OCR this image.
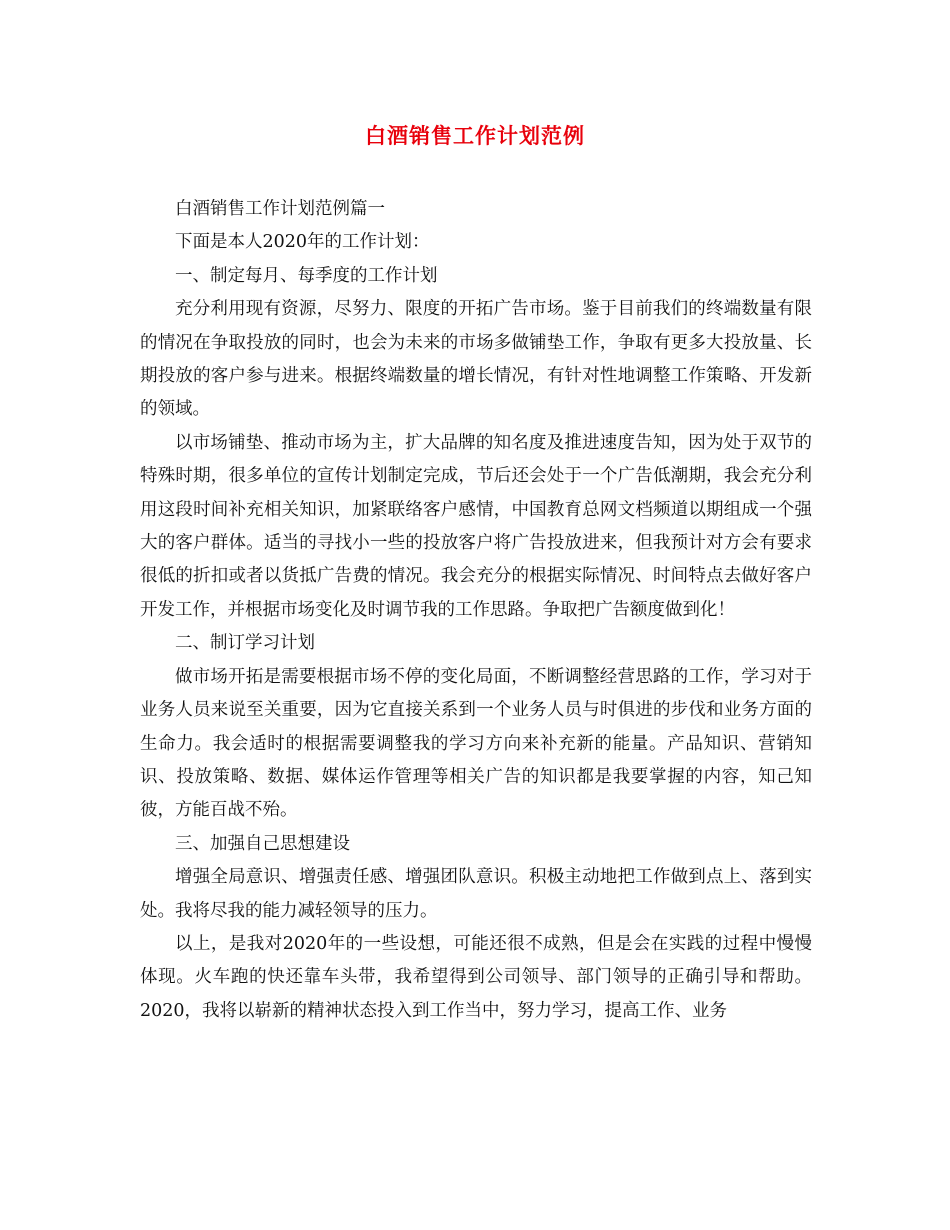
白酒销售工作计划范例

白酒销售工作计划范例篇一

下面是本人2020年的工作计划：

一、制定每月、每季度的工作计划

充分利用现有资源，尽努力、限度的开拓广告市场。鉴于目前我们的终端数量有限的情况在争取投放的同时，也会为未来的市场多做铺垫工作，争取有更多大投放量、长期投放的客户参与进来。根据终端数量的增长情况，有针对性地调整工作策略、开发新的领域。

以市场铺垫、推动市场为主，扩大品牌的知名度及推进速度告知，因为处于双节的特殊时期，很多单位的宣传计划制定完成，节后还会处于一个广告低潮期，我会充分利用这段时间补充相关知识，加紧联络客户感情，中国教育总网文档频道以期组成一个强大的客户群体。适当的寻找小一些的投放客户将广告投放进来，但我预计对方会有要求很低的折扣或者以货抵广告费的情况。我会充分的根据实际情况、时间特点去做好客户开发工作，并根据市场变化及时调节我的工作思路。争取把广告额度做到化！

二、制订学习计划

做市场开拓是需要根据市场不停的变化局面，不断调整经营思路的工作，学习对于业务人员来说至关重要，因为它直接关系到一个业务人员与时俱进的步伐和业务方面的生命力。我会适时的根据需要调整我的学习方向来补充新的能量。产品知识、营销知识、投放策略、数据、媒体运作管理等相关广告的知识都是我要掌握的内容，知己知彼，方能百战不殆。

三、加强自己思想建设

增强全局意识、增强责任感、增强团队意识。积极主动地把工作做到点上、落到实处。我将尽我的能力减轻领导的压力。

以上，是我对2020年的一些设想，可能还很不成熟，但是会在实践的过程中慢慢体现。火车跑的快还靠车头带，我希望得到公司领导、部门领导的正确引导和帮助。2020，我将以崭新的精神状态投入到工作当中，努力学习，提高工作、业务
